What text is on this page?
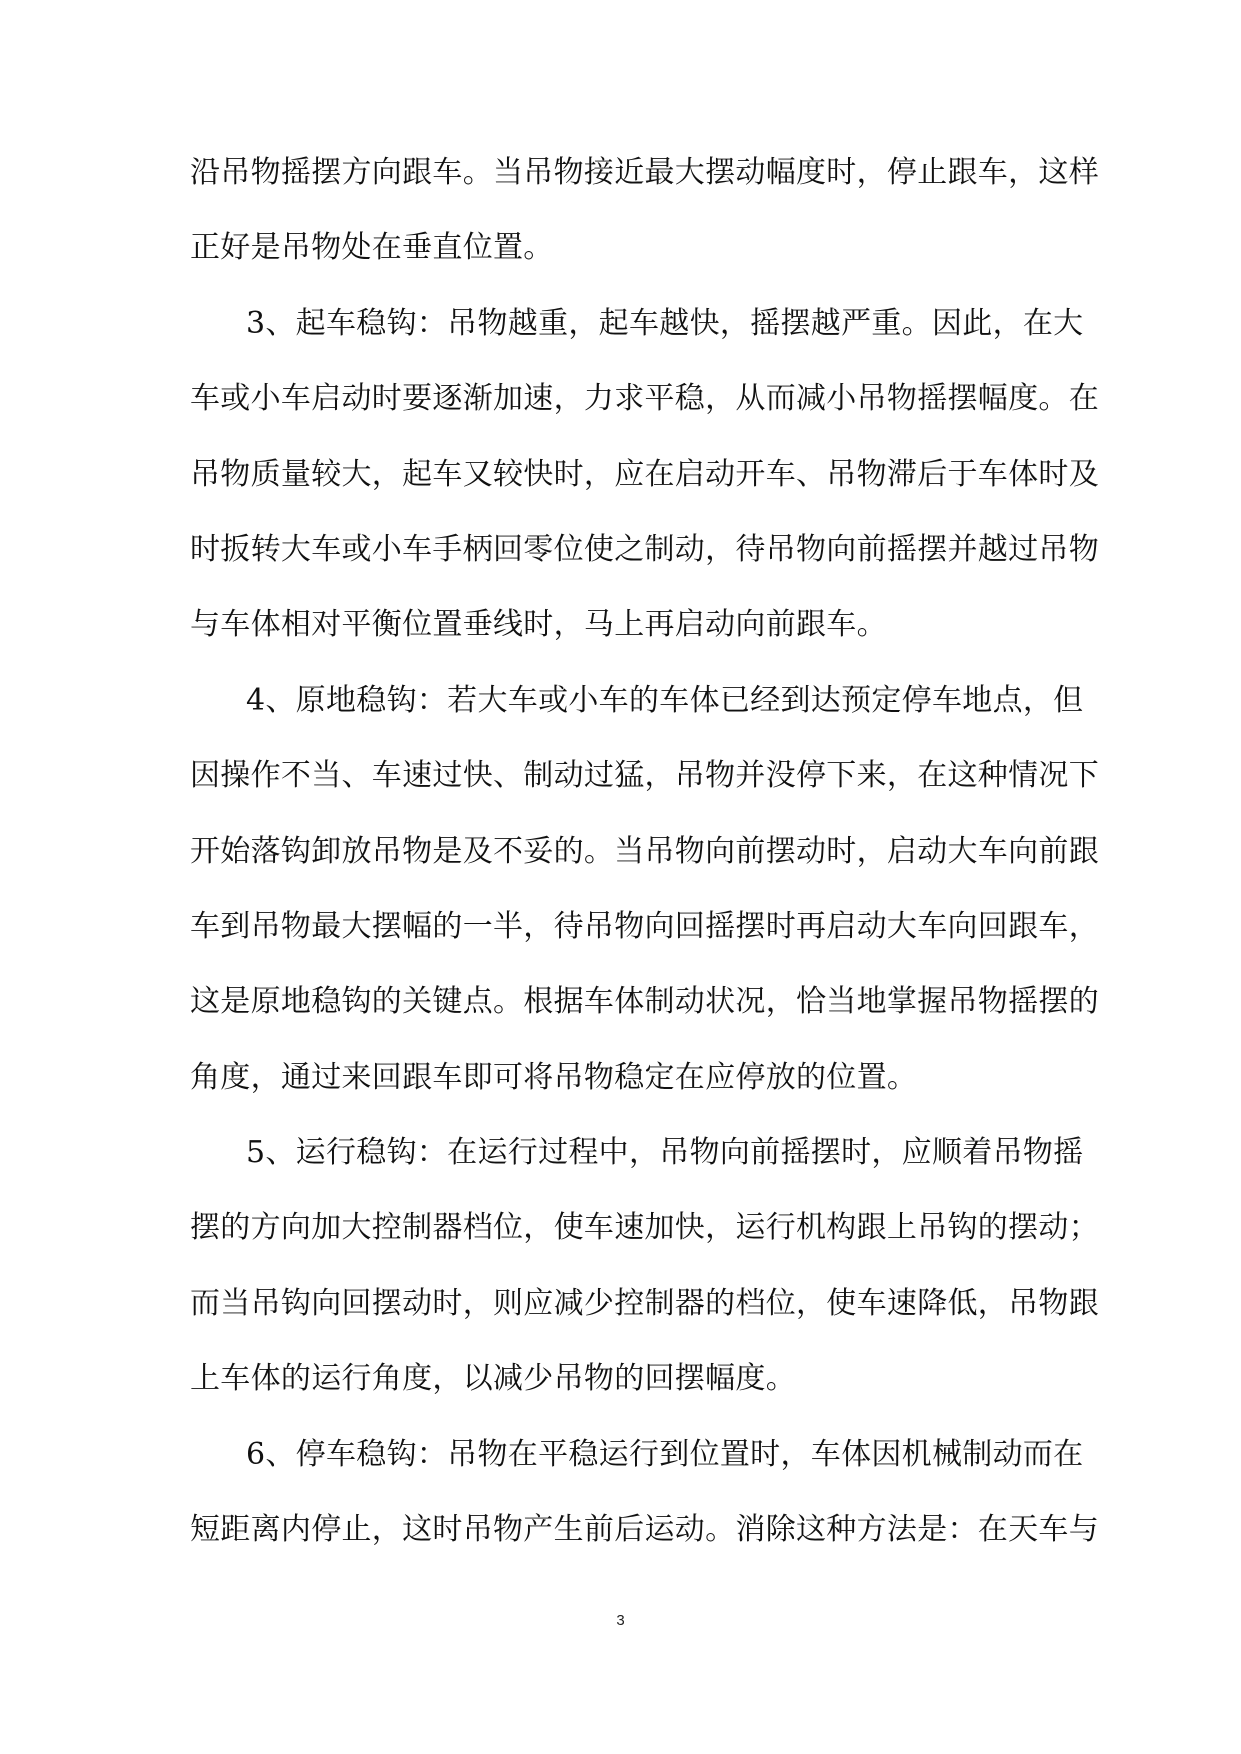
沿吊物摇摆方向跟车。当吊物接近最大摆动幅度时，停止跟车，这样
正好是吊物处在垂直位置。
3、起车稳钩：吊物越重，起车越快，摇摆越严重。因此，在大
车或小车启动时要逐渐加速，力求平稳，从而减小吊物摇摆幅度。在
吊物质量较大，起车又较快时，应在启动开车、吊物滞后于车体时及
时扳转大车或小车手柄回零位使之制动，待吊物向前摇摆并越过吊物
与车体相对平衡位置垂线时，马上再启动向前跟车。
4、原地稳钩：若大车或小车的车体已经到达预定停车地点，但
因操作不当、车速过快、制动过猛，吊物并没停下来，在这种情况下
开始落钩卸放吊物是及不妥的。当吊物向前摆动时，启动大车向前跟
车到吊物最大摆幅的一半，待吊物向回摇摆时再启动大车向回跟车，
这是原地稳钩的关键点。根据车体制动状况，恰当地掌握吊物摇摆的
角度，通过来回跟车即可将吊物稳定在应停放的位置。
5、运行稳钩：在运行过程中，吊物向前摇摆时，应顺着吊物摇
摆的方向加大控制器档位，使车速加快，运行机构跟上吊钩的摆动；
而当吊钩向回摆动时，则应减少控制器的档位，使车速降低，吊物跟
上车体的运行角度，以减少吊物的回摆幅度。
6、停车稳钩：吊物在平稳运行到位置时，车体因机械制动而在
短距离内停止，这时吊物产生前后运动。消除这种方法是：在天车与
3
